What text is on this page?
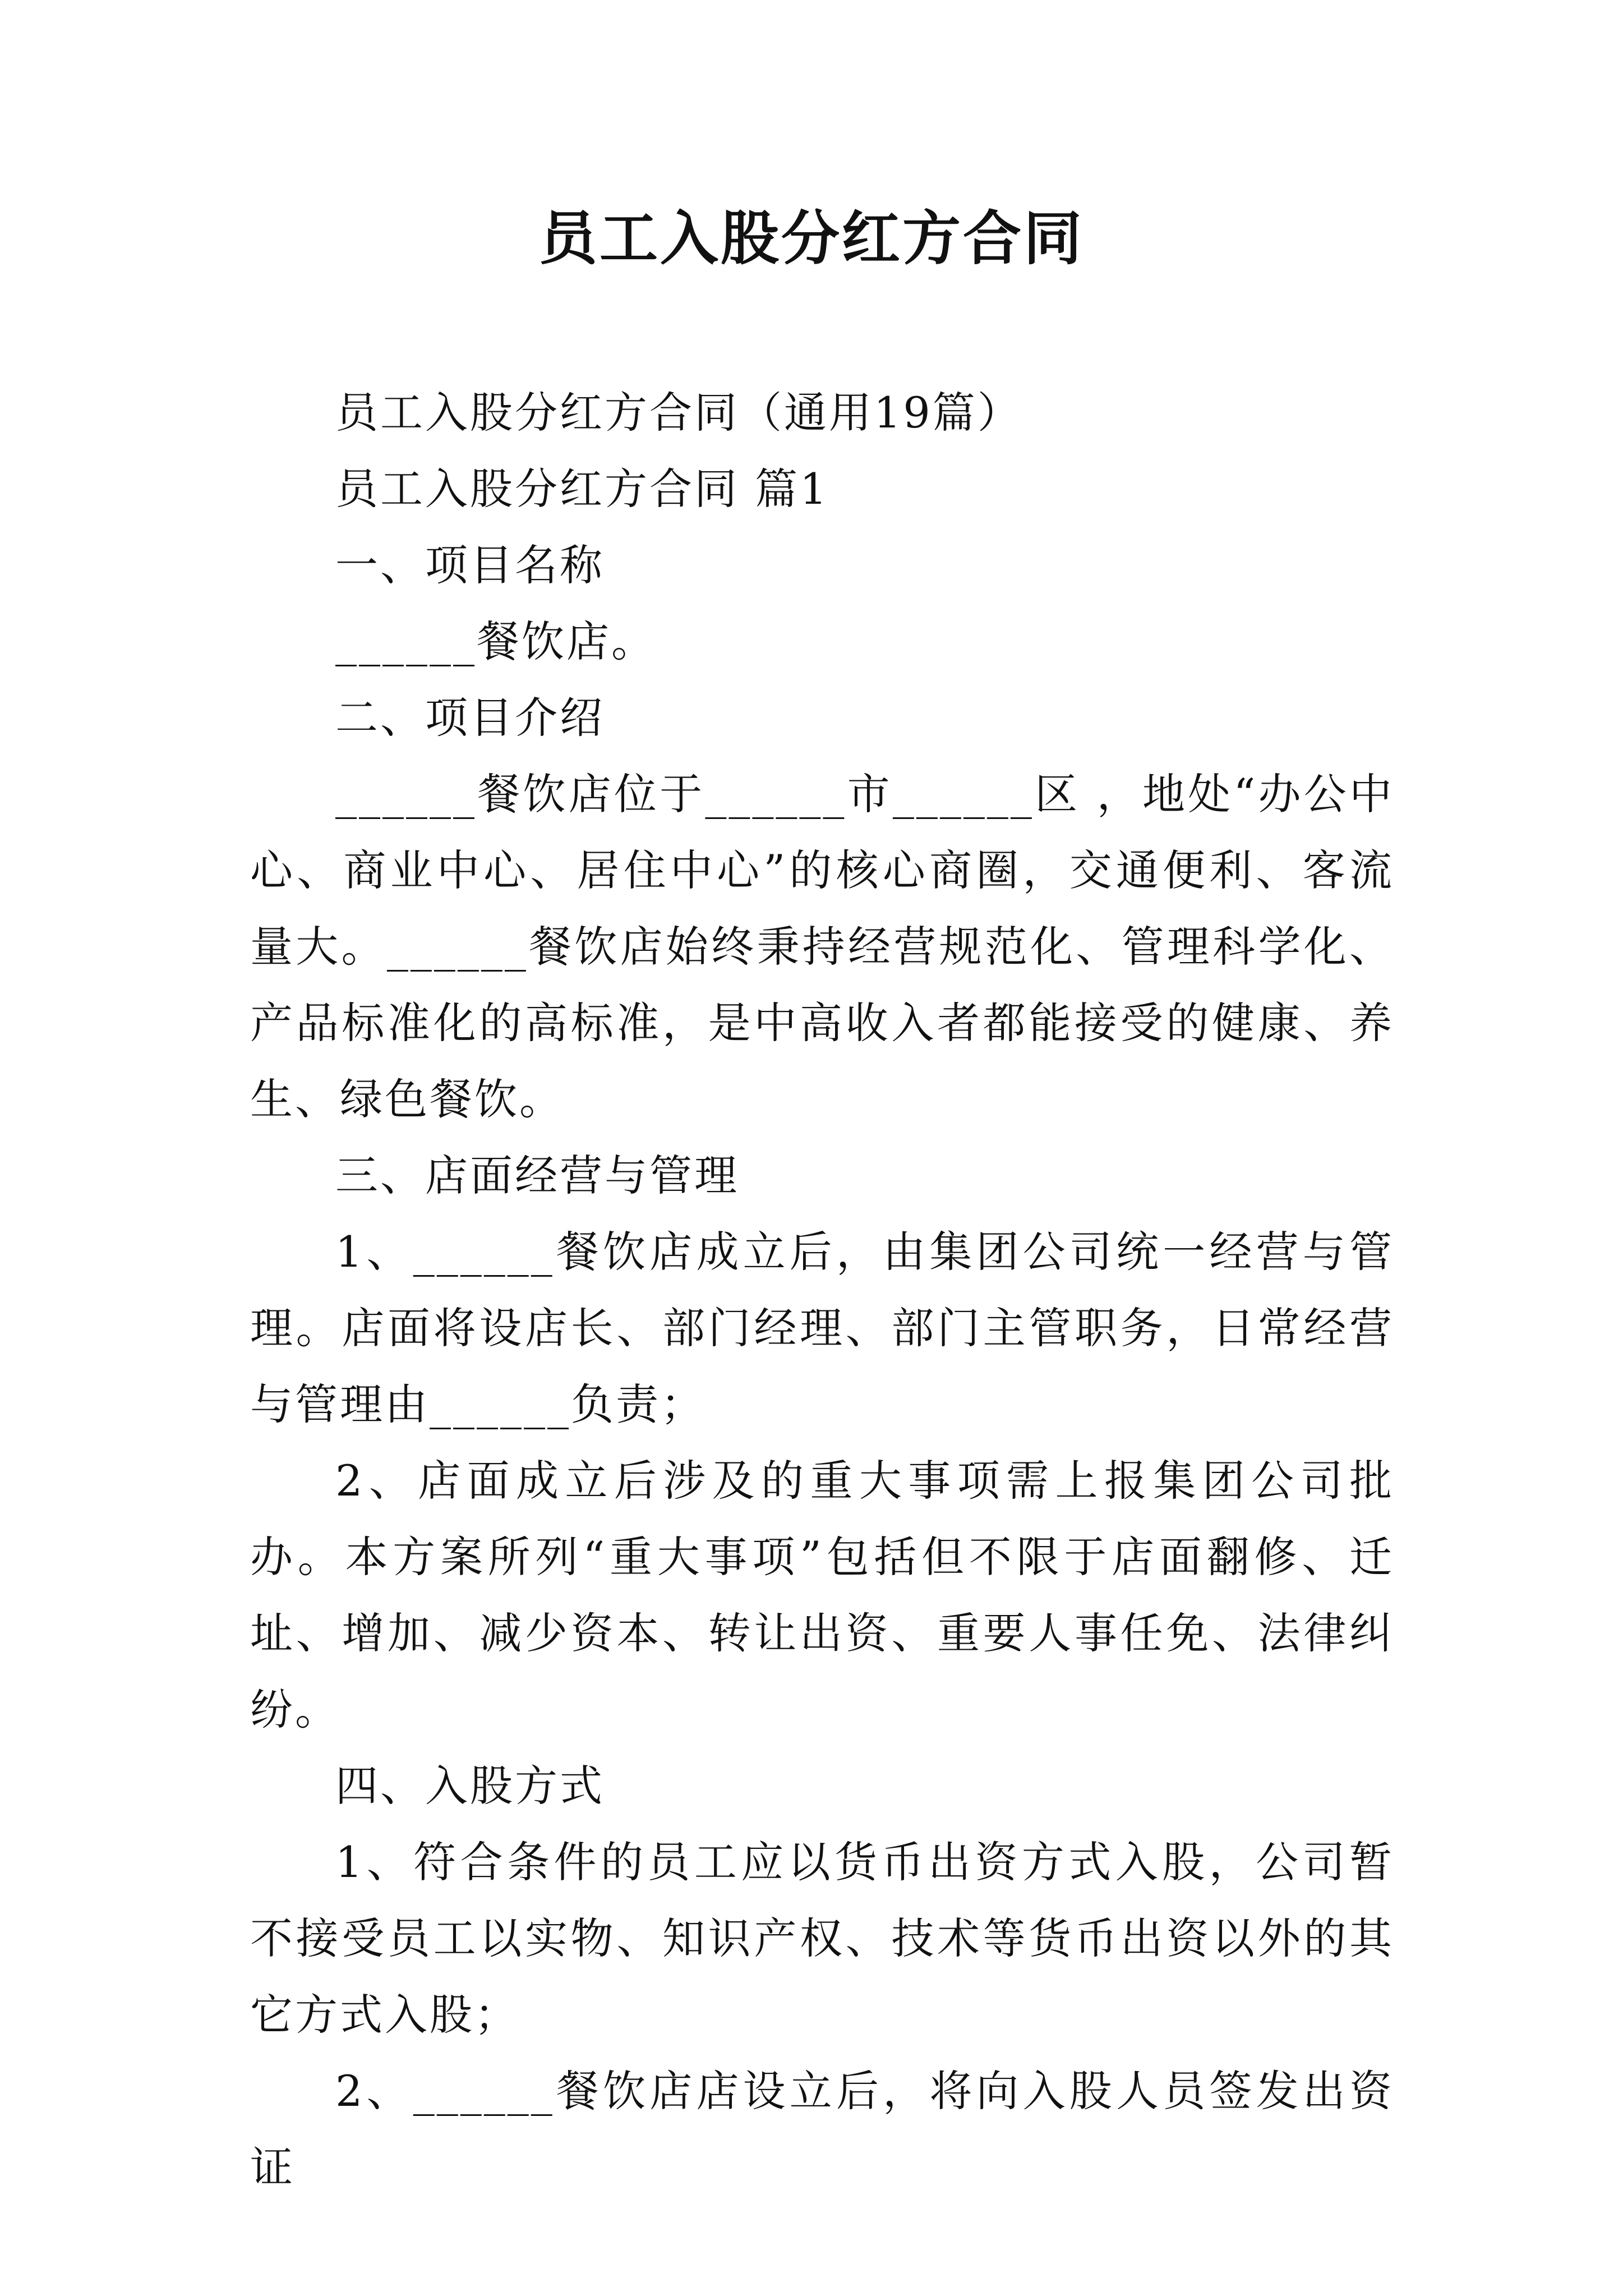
员工入股分红方合同

员工入股分红方合同（通用19篇）

员工入股分红方合同 篇1

一、项目名称

______餐饮店。

二、项目介绍

______餐饮店位于______市______区 ，地处“办公中心、商业中心、居住中心”的核心商圈，交通便利、客流量大。______餐饮店始终秉持经营规范化、管理科学化、产品标准化的高标准，是中高收入者都能接受的健康、养生、绿色餐饮。

三、店面经营与管理

1、______餐饮店成立后，由集团公司统一经营与管理。店面将设店长、部门经理、部门主管职务，日常经营与管理由______负责；

2、店面成立后涉及的重大事项需上报集团公司批办。本方案所列“重大事项”包括但不限于店面翻修、迁址、增加、减少资本、转让出资、重要人事任免、法律纠纷。

四、入股方式

1、符合条件的员工应以货币出资方式入股，公司暂不接受员工以实物、知识产权、技术等货币出资以外的其它方式入股；

2、______餐饮店店设立后，将向入股人员签发出资证
